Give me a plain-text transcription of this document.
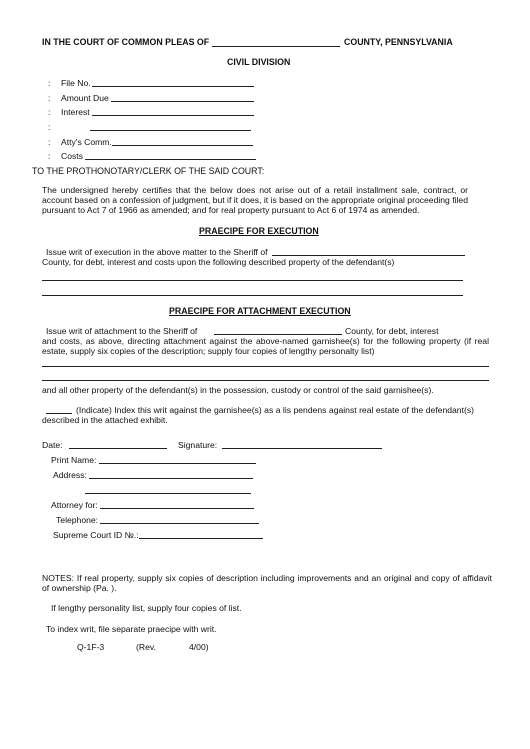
IN THE COURT OF COMMON PLEAS OF	COUNTY, PENNSYLVANIA
CIVIL DIVISION
: File No.
: Amount Due
: Interest
:
: Atty's Comm.
: Costs
TO THE PROTHONOTARY/CLERK OF THE SAID COURT:
The undersigned hereby certifies that the below does not arise out of a retail installment sale, contract, or account based on a confession of judgment, but if it does, it is based on the appropriate original proceeding filed pursuant to Act 7 of 1966 as amended; and for real property pursuant to Act 6 of 1974 as amended.
PRAECIPE FOR EXECUTION
Issue writ of execution in the above matter to the Sheriff of
County, for debt, interest and costs upon the following described property of the defendant(s)
PRAECIPE FOR ATTACHMENT EXECUTION
Issue writ of attachment to the Sheriff of	County, for debt, interest
and costs, as above, directing attachment against the above-named garnishee(s) for the following property (if real estate, supply six copies of the description; supply four copies of lengthy personalty list)
and all other property of the defendant(s) in the possession, custody or control of the said garnishee(s).
(Indicate) Index this writ against the garnishee(s) as a lis pendens against real estate of the defendant(s) described in the attached exhibit.
Date:	Signature:
Print Name:
Address:
Attorney for:
Telephone:
Supreme Court ID №.:
NOTES: If real property, supply six copies of description including improvements and an original and copy of affidavit of ownership (Pa. ).
If lengthy personality list, supply four copies of list.
To index writ, file separate praecipe with writ.
Q-1F-3	(Rev.	4/00)
